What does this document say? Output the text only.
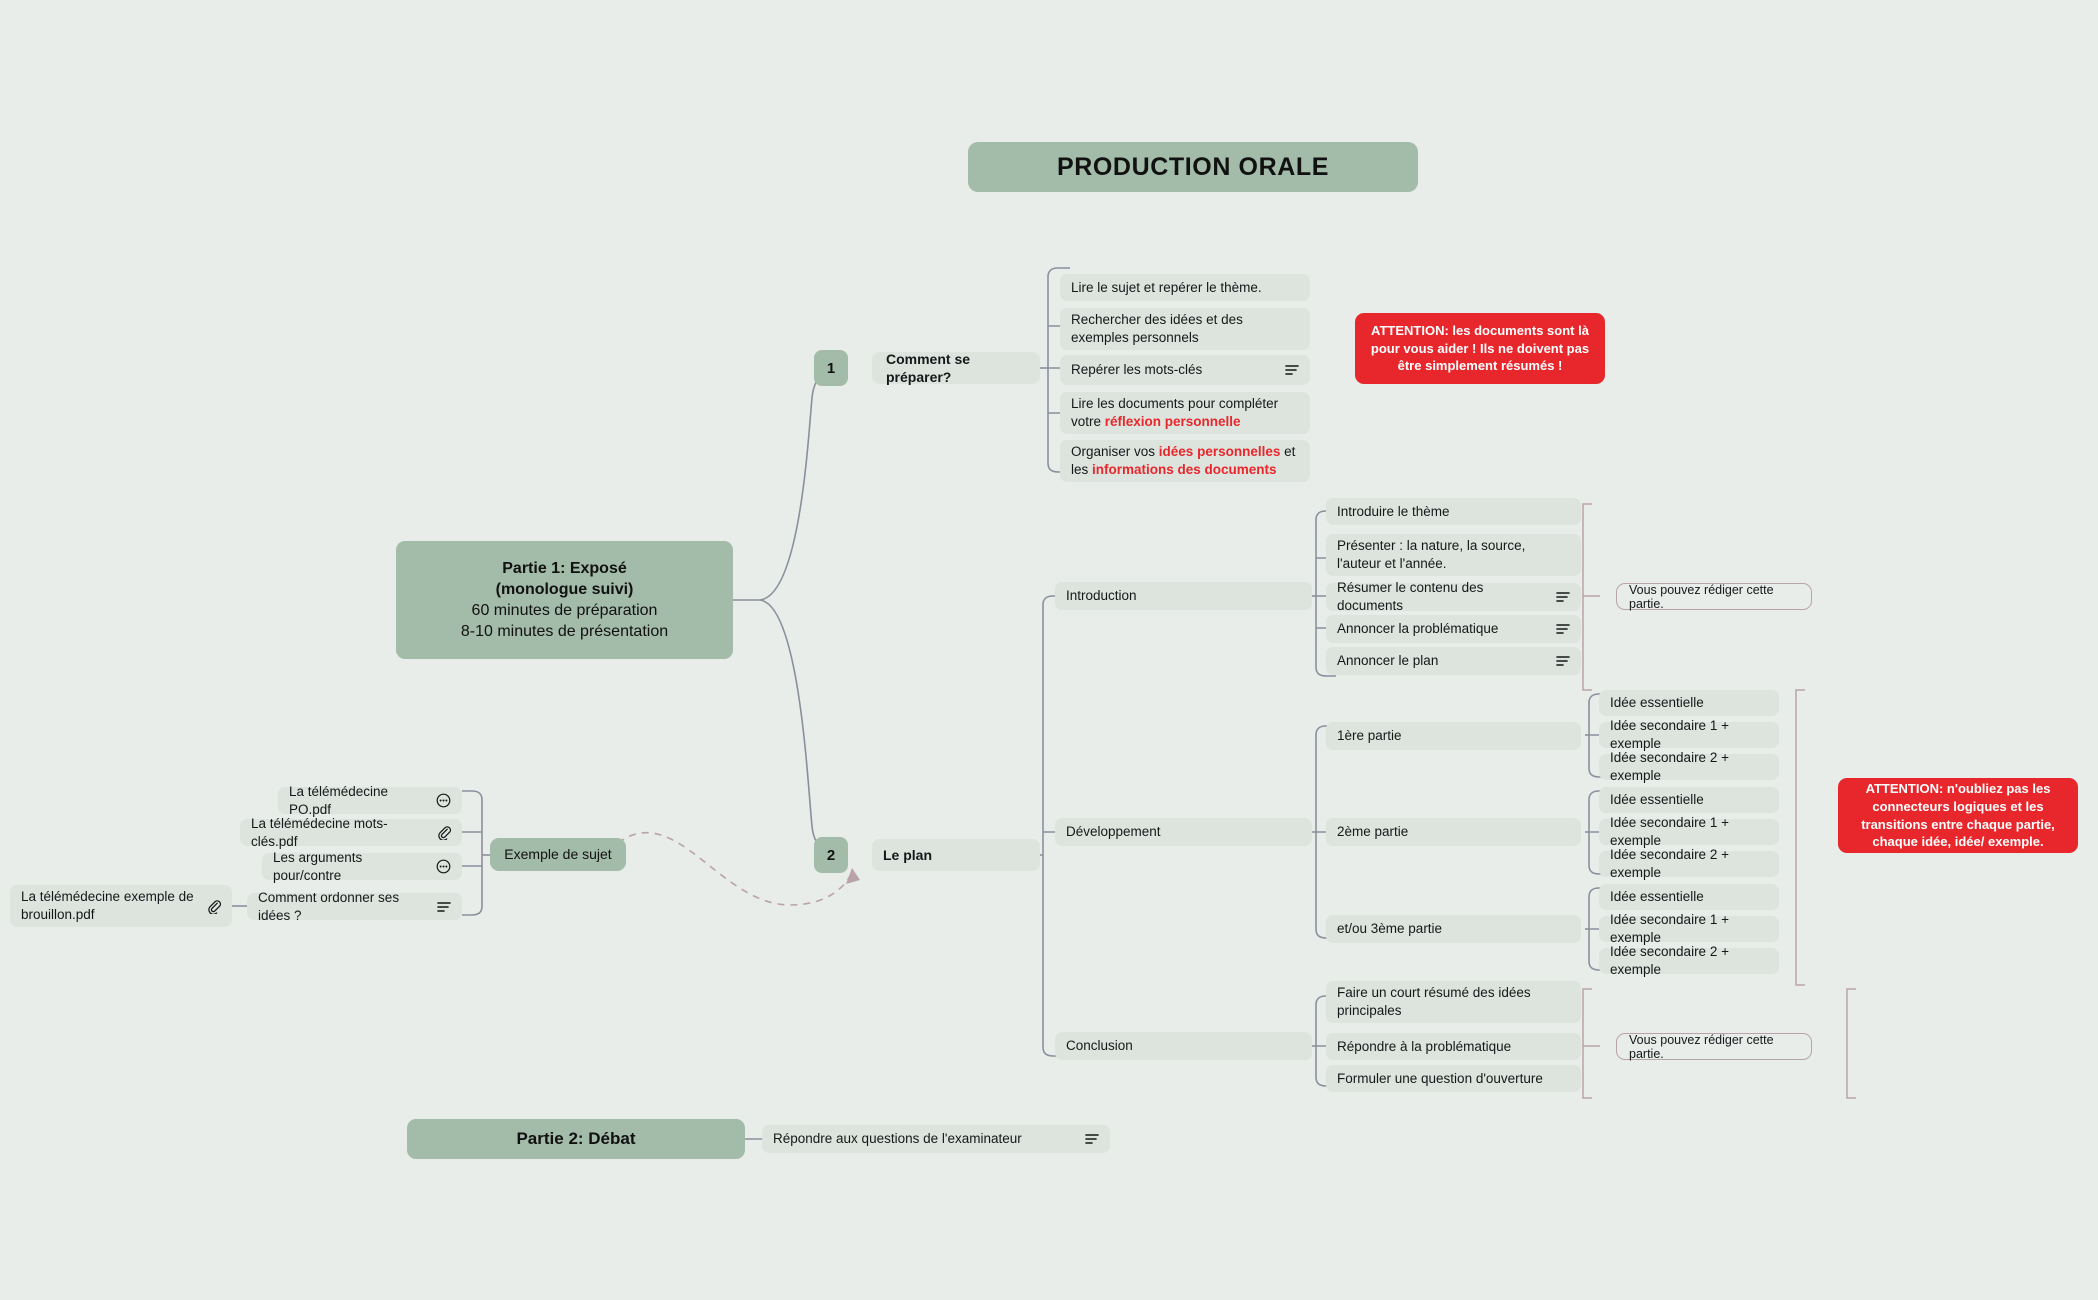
PRODUCTION ORALE
Partie 1: Exposé
(monologue suivi)
60 minutes de préparation
8-10 minutes de présentation
1
Comment se préparer?
Lire le sujet et repérer le thème.
Rechercher des idées et des exemples personnels
Repérer les mots-clés
Lire les documents pour compléter votre réflexion personnelle
Organiser vos idées personnelles et les informations des documents
ATTENTION: les documents sont là pour vous aider ! Ils ne doivent pas être simplement résumés !
2	Le plan
Introduction
Introduire le thème
Présenter : la nature, la source, l'auteur et l'année.
Résumer le contenu des documents
Annoncer la problématique
Annoncer le plan
Vous pouvez rédiger cette partie.
Développement
1ère partie
Idée essentielle
Idée secondaire 1 + exemple
Idée secondaire 2 + exemple
2ème partie
Idée essentielle
Idée secondaire 1 + exemple
Idée secondaire 2 + exemple
et/ou 3ème partie
Idée essentielle
Idée secondaire 1 + exemple
Idée secondaire 2 + exemple
ATTENTION: n'oubliez pas les connecteurs logiques et les transitions entre chaque partie, chaque idée, idée/ exemple.
Conclusion
Faire un court résumé des idées principales
Répondre à la problématique
Formuler une question d'ouverture
Vous pouvez rédiger cette partie.
Exemple de sujet
La télémédecine PO.pdf
La télémédecine mots-clés.pdf
Les arguments pour/contre
Comment ordonner ses idées ?
La télémédecine exemple de brouillon.pdf
Partie 2: Débat	Répondre aux questions de l'examinateur
